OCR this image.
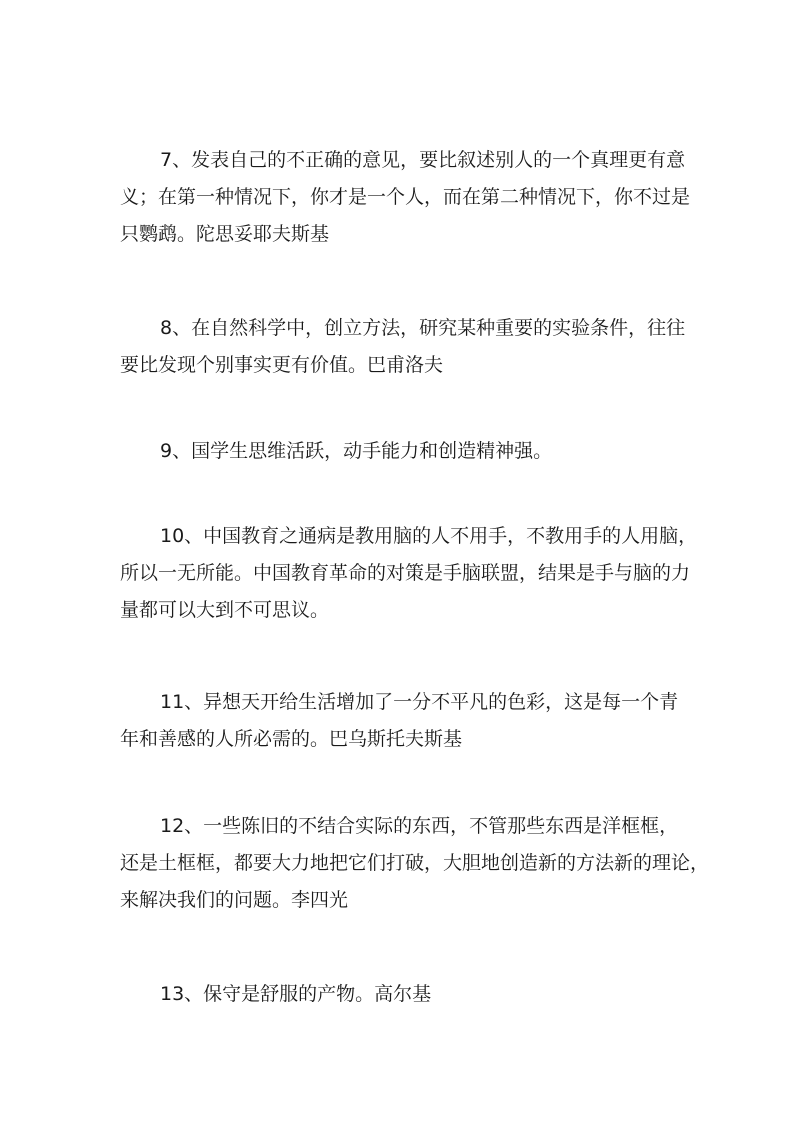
7、发表自己的不正确的意见，要比叙述别人的一个真理更有意
义；在第一种情况下，你才是一个人，而在第二种情况下，你不过是
只鹦鹉。陀思妥耶夫斯基
8、在自然科学中，创立方法，研究某种重要的实验条件，往往
要比发现个别事实更有价值。巴甫洛夫
9、国学生思维活跃，动手能力和创造精神强。
10、中国教育之通病是教用脑的人不用手，不教用手的人用脑，
所以一无所能。中国教育革命的对策是手脑联盟，结果是手与脑的力
量都可以大到不可思议。
11、异想天开给生活增加了一分不平凡的色彩，这是每一个青
年和善感的人所必需的。巴乌斯托夫斯基
12、一些陈旧的不结合实际的东西，不管那些东西是洋框框，
还是土框框，都要大力地把它们打破，大胆地创造新的方法新的理论，
来解决我们的问题。李四光
13、保守是舒服的产物。高尔基
